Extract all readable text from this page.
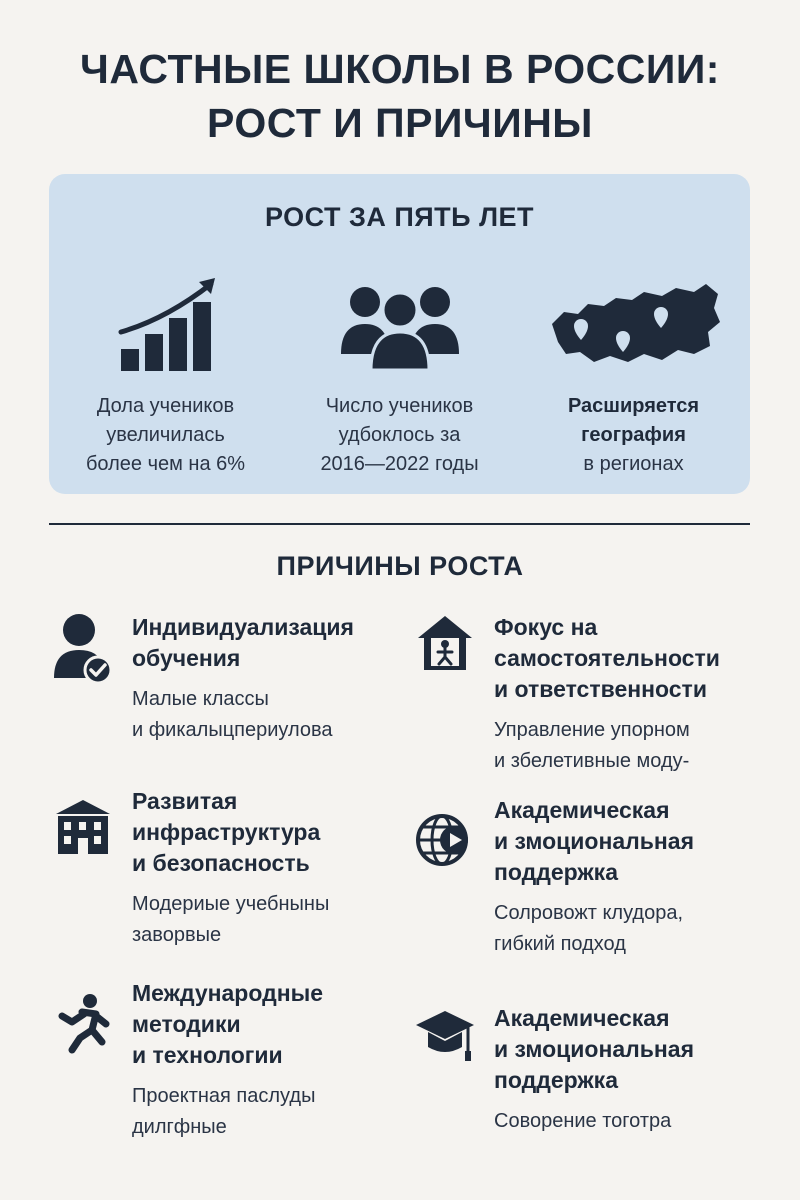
ЧАСТНЫЕ ШКОЛЫ В РОССИИ:
РОСТ И ПРИЧИНЫ
РОСТ ЗА ПЯТЬ ЛЕТ
Дола учеников
увеличилась
более чем на 6%
Число учеников
удбоклось за
2016—2022 годы
Расширяется
география
в регионах
ПРИЧИНЫ РОСТА
Индивидуализация
обучения
Малые классы
и фикалыцпериулова
Фокус на
самостоятельности
и ответственности
Управление упорном
и збелетивные моду-
Развитая
инфраструктура
и безопасность
Модериые учебныны
заворвые
Академическая
и змоциональная
поддержка
Солровожт клудора,
гибкий подход
Международные
методики
и технологии
Проектная паслуды
дилгфные
Академическая
и змоциональная
поддержка
Соворение тоготра
